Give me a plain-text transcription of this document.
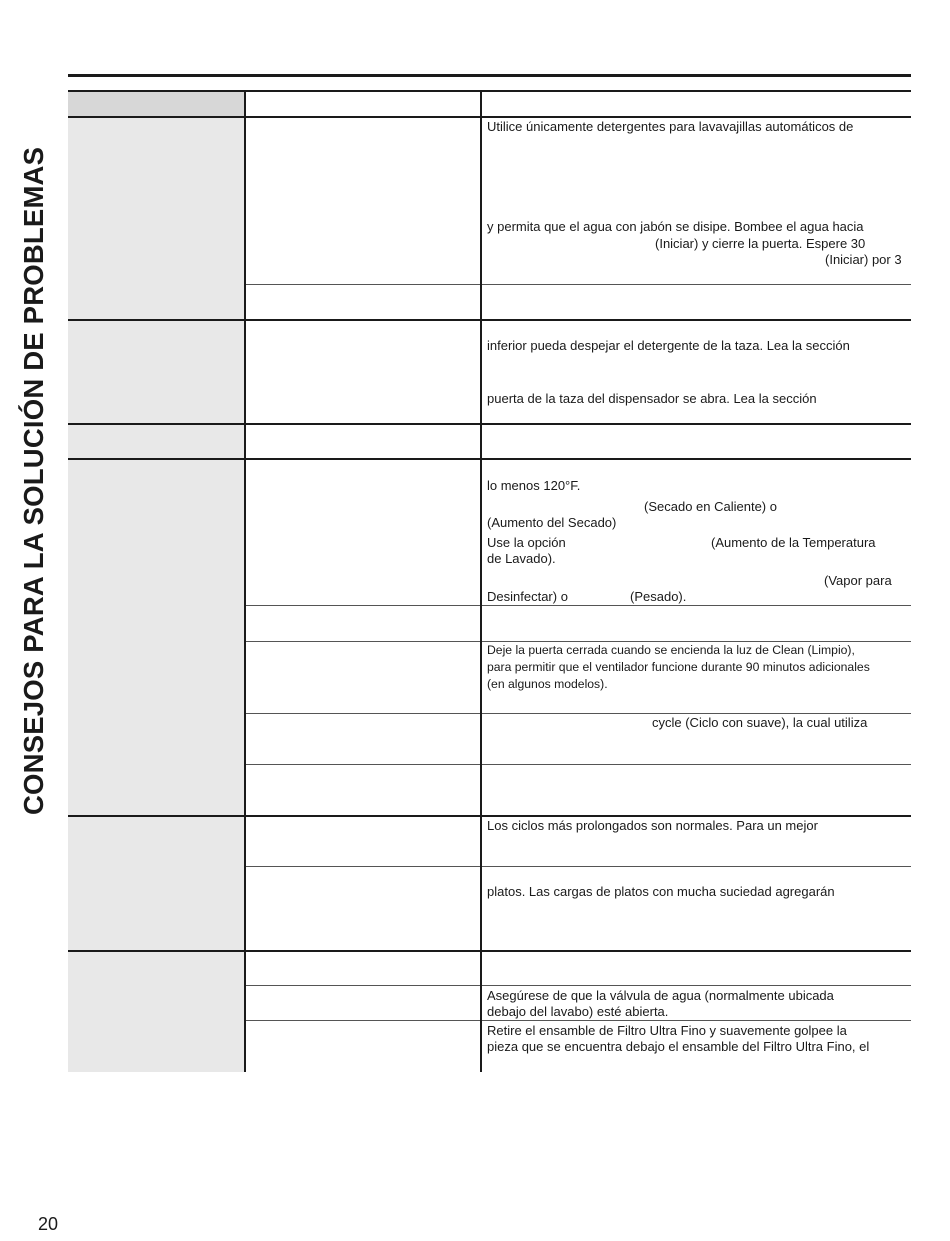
CONSEJOS PARA LA SOLUCIÓN DE PROBLEMAS
Utilice únicamente detergentes para lavavajillas automáticos de
y permita que el agua con jabón se disipe. Bombee el agua hacia
(Iniciar) y cierre la puerta. Espere 30
(Iniciar) por 3
inferior pueda despejar el detergente de la taza. Lea la sección
puerta de la taza del dispensador se abra. Lea la sección
lo menos 120°F.
(Secado en Caliente) o
(Aumento del Secado)
Use la opción	(Aumento de la Temperatura
de Lavado).
(Vapor para
Desinfectar) o	(Pesado).
Deje la puerta cerrada cuando se encienda la luz de Clean (Limpio),
para permitir que el ventilador funcione durante 90 minutos adicionales
(en algunos modelos).
cycle (Ciclo con suave), la cual utiliza
Los ciclos más prolongados son normales. Para un mejor
platos. Las cargas de platos con mucha suciedad agregarán
Asegúrese de que la válvula de agua (normalmente ubicada
debajo del lavabo) esté abierta.
Retire el ensamble de Filtro Ultra Fino y suavemente golpee la
pieza que se encuentra debajo el ensamble del Filtro Ultra Fino, el
20
